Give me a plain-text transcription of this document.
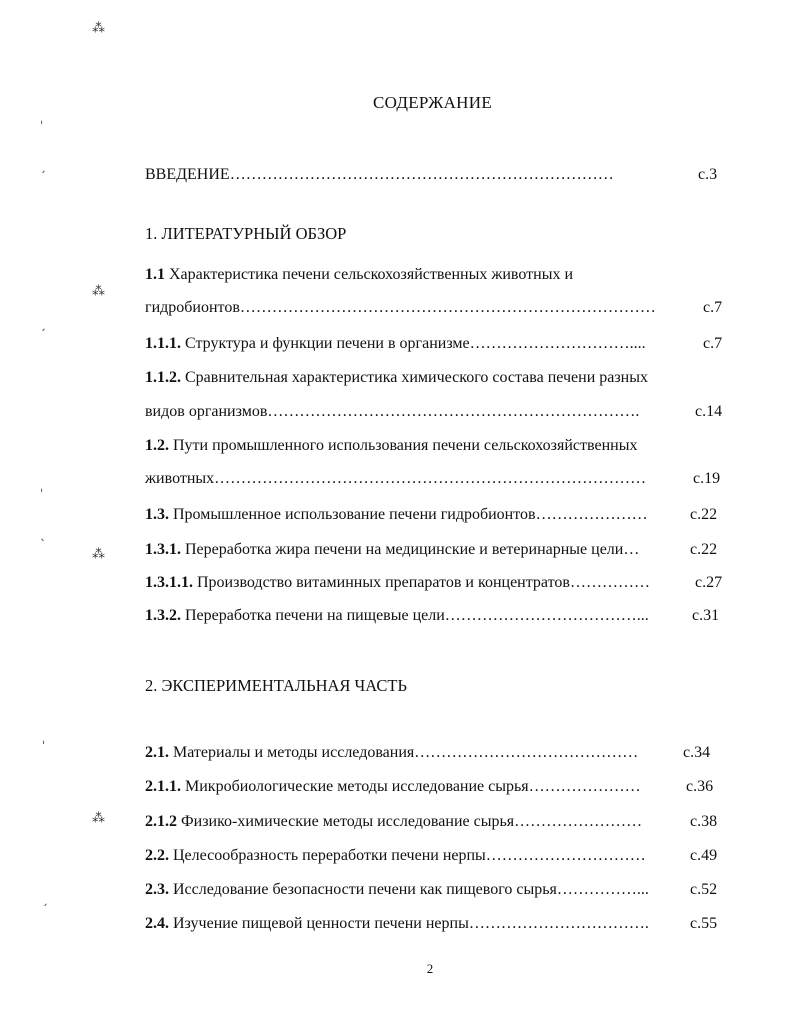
СОДЕРЖАНИЕ
ВВЕДЕНИЕ………………………………………………………………	с.3
1. ЛИТЕРАТУРНЫЙ ОБЗОР
1.1 Характеристика печени сельскохозяйственных животных и
гидробионтов……………………………………………………………………	с.7
1.1.1. Структура и функции печени в организме…………………………....	с.7
1.1.2. Сравнительная характеристика химического состава печени разных
видов организмов…………………………………………………………….	с.14
1.2. Пути промышленного использования печени сельскохозяйственных
животных………………………………………………………………………	с.19
1.3. Промышленное использование печени гидробионтов…………………	с.22
1.3.1. Переработка жира печени на медицинские и ветеринарные цели…	с.22
1.3.1.1. Производство витаминных препаратов и концентратов……………	с.27
1.3.2. Переработка печени на пищевые цели………………………………...	с.31
2. ЭКСПЕРИМЕНТАЛЬНАЯ ЧАСТЬ
2.1. Материалы и методы исследования……………………………………	с.34
2.1.1. Микробиологические методы исследование сырья…………………	с.36
2.1.2 Физико-химические методы исследование сырья……………………	с.38
2.2. Целесообразность переработки печени нерпы…………………………	с.49
2.3. Исследование безопасности печени как пищевого сырья……………...	с.52
2.4. Изучение пищевой ценности печени нерпы…………………………….	с.55
2
⁂
⁂
⁂
⁂
ˈ
ˏ
ˏ
ˈ
ˎ
ˈ
ˏ
